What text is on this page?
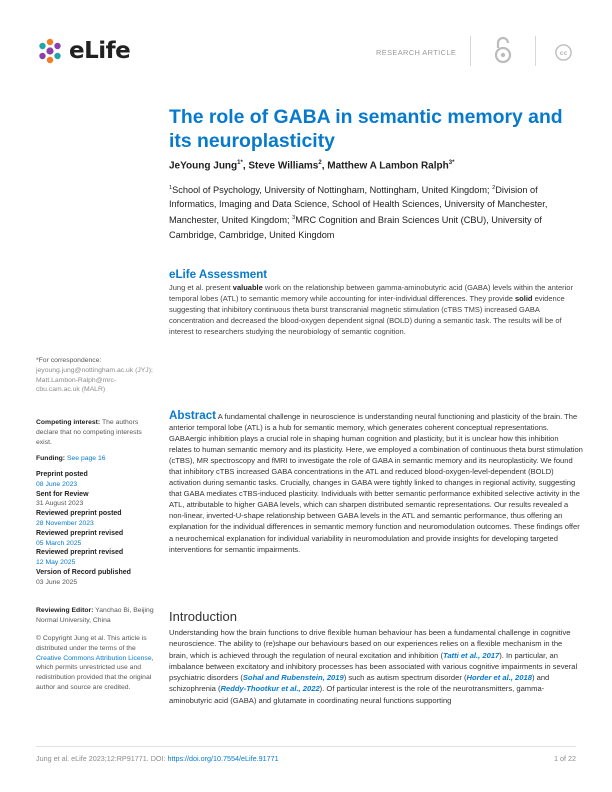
eLife	RESEARCH ARTICLE	cc
The role of GABA in semantic memory and its neuroplasticity
JeYoung Jung$^{1*}$, Steve Williams$^2$, Matthew A Lambon Ralph$^{3*}$
$^1$School of Psychology, University of Nottingham, Nottingham, United Kingdom; $^2$Division of Informatics, Imaging and Data Science, School of Health Sciences, University of Manchester, Manchester, United Kingdom; $^3$MRC Cognition and Brain Sciences Unit (CBU), University of Cambridge, Cambridge, United Kingdom
eLife Assessment
Jung et al. present valuable work on the relationship between gamma-aminobutyric acid (GABA) levels within the anterior temporal lobes (ATL) to semantic memory while accounting for inter-individual differences. They provide solid evidence suggesting that inhibitory continuous theta burst transcranial magnetic stimulation (cTBS TMS) increased GABA concentration and decreased the blood-oxygen dependent signal (BOLD) during a semantic task. The results will be of interest to researchers studying the neurobiology of semantic cognition.
*For correspondence:
jeyoung.jung@nottingham.ac.uk (JYJ); Matt.Lambon-Ralph@mrc-cbu.cam.ac.uk (MALR)
Competing interest: The authors declare that no competing interests exist.
Funding: See page 16
Preprint posted
08 June 2023
Sent for Review
31 August 2023
Reviewed preprint posted
28 November 2023
Reviewed preprint revised
05 March 2025
Reviewed preprint revised
12 May 2025
Version of Record published
03 June 2025
Reviewing Editor: Yanchao Bi, Beijing Normal University, China
© Copyright Jung et al. This article is distributed under the terms of the Creative Commons Attribution License, which permits unrestricted use and redistribution provided that the original author and source are credited.
Abstract A fundamental challenge in neuroscience is understanding neural functioning and plasticity of the brain. The anterior temporal lobe (ATL) is a hub for semantic memory, which generates coherent conceptual representations. GABAergic inhibition plays a crucial role in shaping human cognition and plasticity, but it is unclear how this inhibition relates to human semantic memory and its plasticity. Here, we employed a combination of continuous theta burst stimulation (cTBS), MR spectroscopy and fMRI to investigate the role of GABA in semantic memory and its neuroplasticity. We found that inhibitory cTBS increased GABA concentrations in the ATL and reduced blood-oxygen-level-dependent (BOLD) activation during semantic tasks. Crucially, changes in GABA were tightly linked to changes in regional activity, suggesting that GABA mediates cTBS-induced plasticity. Individuals with better semantic performance exhibited selective activity in the ATL, attributable to higher GABA levels, which can sharpen distributed semantic representations. Our results revealed a non-linear, inverted-U-shape relationship between GABA levels in the ATL and semantic performance, thus offering an explanation for the individual differences in semantic memory function and neuromodulation outcomes. These findings offer a neurochemical explanation for individual variability in neuromodulation and provide insights for developing targeted interventions for semantic impairments.
Introduction
Understanding how the brain functions to drive flexible human behaviour has been a fundamental challenge in cognitive neuroscience. The ability to (re)shape our behaviours based on our experiences relies on a flexible mechanism in the brain, which is achieved through the regulation of neural excitation and inhibition (Tatti et al., 2017). In particular, an imbalance between excitatory and inhibitory processes has been associated with various cognitive impairments in several psychiatric disorders (Sohal and Rubenstein, 2019) such as autism spectrum disorder (Horder et al., 2018) and schizophrenia (Reddy-Thootkur et al., 2022). Of particular interest is the role of the neurotransmitters, gamma-aminobutyric acid (GABA) and glutamate in coordinating neural functions supporting
Jung et al. eLife 2023;12:RP91771. DOI: https://doi.org/10.7554/eLife.91771	1 of 22
